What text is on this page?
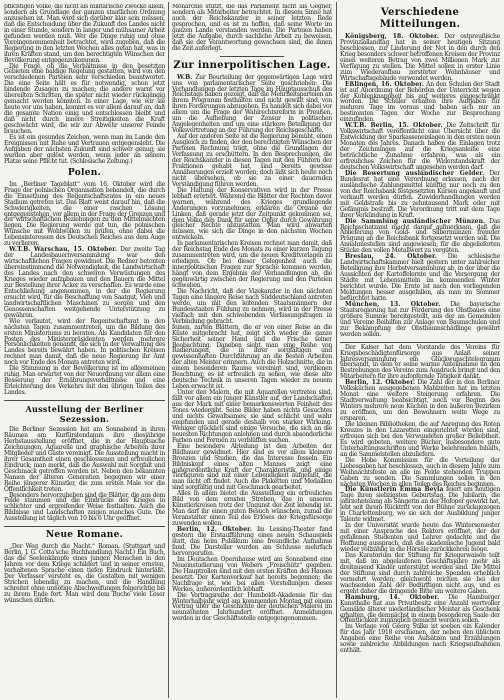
pflichtigen Volke, die nicht als militärische Zwecke allein, sondern als Grundlage der ganzen staatlichen Ordnung anzusehen ist. Man wird sich darüber klar sein müssen, daß die Entscheidung über die Zukunft des Landes nicht in einer Stunde, sondern in langer und mühsamer Arbeit gefunden werden muß. Wer die Dinge ruhig und ohne Voreingenommenheit betrachtet, wird zugeben, daß die Regierung in den letzten Wochen alles getan hat, was in ihren Kräften stand, um den berechtigten Wünschen der Bevölkerung entgegenzukommen.

Die Frage, ob die Verhältnisse in den besetzten Gebieten eine baldige Regelung gestatten, wird von den verschiedenen Parteien sehr verschieden beantwortet. Die eine Seite hält es für notwendig, schon jetzt bindende Zusagen zu machen; die andere warnt vor übereilten Schritten, die später nicht wieder rückgängig gemacht werden könnten. In einer Lage, wie wir sie heute vor uns haben, kommt es vor allem darauf an, daß die gesamte Nation einig und entschlossen bleibt und daß nicht durch innere Streitigkeiten die Kraft geschwächt wird, die wir zur Abwehr unserer Feinde brauchen.

Es ist ein gesundes Zeichen, wenn man im Lande den Ereignissen mit Ruhe und Vertrauen entgegensieht. Die Aufgaben der nächsten Zukunft sind schwer genug; sie werden aber gelöst werden, wenn jeder an seinem Platze seine Pflicht tut. (Schlesische Zeitung.)

Polen.

Im „Berliner Tageblatt“ vom 16. Oktober wird die Frage der polnischen Organisation behandelt, die durch die Einsetzung des Regentschaftsrates in ein neues Stadium getreten ist. Das Blatt weist darauf hin, daß die Schwierigkeiten, die einer raschen Lösung entgegenstehen, vor allem in der Frage der Grenzen und der wirtschaftlichen Beziehungen zu den Mittelmächten liegen. Die Regierung werde gut tun, die polnischen Wünsche mit Wohlwollen zu prüfen, ohne dabei die Lebensinteressen des Deutschen Reiches aus dem Auge zu verlieren.

W.T.B. Warschau, 15. Oktober. Der zweite Tag der Landesbauernversammlung war den wirtschaftlichen Fragen gewidmet. Die Redner betonten übereinstimmend die Notwendigkeit, die Landwirtschaft des Landes nach den schweren Verwüstungen des Krieges wieder aufzubauen und den Bauern die Mittel zur Bestellung ihrer Äcker zu verschaffen. Es wurde eine Entschließung angenommen, in der die Regierung ersucht wird, für die Beschaffung von Saatgut, Vieh und landwirtschaftlichen Maschinen zu sorgen und den Genossenschaften weitgehende Unterstützung zu gewähren.

Wie verlautet, wird der Regentschaftsrat in den nächsten Tagen zusammentreten, um die Bildung des ersten Ministeriums zu beraten. Als Kandidaten für den Posten des Ministerpräsidenten werden mehrere Persönlichkeiten genannt, die sich in der Verwaltung des Landes bereits bewährt haben. In politischen Kreisen rechnet man damit, daß die neue Regierung ihr Amt noch vor Ende des Monats antreten wird.

Die Stimmung in der Bevölkerung ist im allgemeinen ruhig. Man erwartet von der Neuordnung vor allem eine Besserung der Ernährungsverhältnisse und eine Erleichterung des Verkehrs mit den übrigen Teilen des Landes.

Ausstellung der Berliner Sezession.

Die Berliner Sezession hat am Sonnabend in ihren Räumen am Kurfürstendamm ihre diesjährige Herbstausstellung eröffnet, die in der Hauptsache Zeichnungen, Aquarelle und graphische Arbeiten ihrer Mitglieder und Gäste vereinigt. Die Ausstellung macht in ihrer Gesamtheit einen geschlossenen und erfreulichen Eindruck; man merkt, daß die Auswahl mit Sorgfalt und Geschmack getroffen worden ist. Neben den bekannten Namen der älteren Generation begegnen wir einer Reihe jüngerer Künstler, die zum ersten Male vor die Öffentlichkeit treten.

Besonders hervorzuheben sind die Blätter, die aus dem Felde stammen und die Eindrücke des Krieges in schlichter und ergreifender Weise festhalten. Auch die Bildnisse und Landschaften zeigen manches Gute. Die Ausstellung ist täglich von 10 bis 6 Uhr geöffnet.

Neue Romane.

„Der Weg durch die Nacht.“ Roman. (Stuttgart und Berlin, J. G. Cotta'sche Buchhandlung Nachf.) Ein Buch, das die Seelenkämpfe eines jungen Menschen in den Jahren vor dem Kriege schildert und in seiner ernsten, verhaltenen Sprache einen tiefen Eindruck hinterläßt. Der Verfasser versteht es, die Gestalten mit wenigen Strichen lebendig zu machen, und die Handlung schreitet ohne unnötige Abschweifungen folgerichtig bis zu ihrem Ende fort. Man wird dem Buche viele Leser wünschen dürfen.

Monarchie stützt, die das Parlament nicht als Gegner, sondern als Mitarbeiter betrachtet. In diesem Sinne hat auch der Reichskanzler in seiner letzten Rede gesprochen, und es ist zu hoffen, daß seine Worte im ganzen Lande verstanden werden. Die Parteien haben jetzt die Aufgabe, durch sachliche Arbeit zu beweisen, daß sie der Verantwortung gewachsen sind, die ihnen die Zeit auferlegt.

Zur innerpolitischen Lage.

W.B. Zur Beurteilung der gegenwärtigen Lage wird uns von parlamentarischer Seite geschrieben: Die Verhandlungen der letzten Tage im Hauptausschuß des Reichstags haben gezeigt, daß die Mehrheitsparteien an ihrem Programm festhalten und nicht gewillt sind, von ihren Forderungen abzugehen. Es handelt sich dabei vor allem um die Frage der Wahlrechtsreform in Preußen, um die Aufhebung der Zensur in politischen Angelegenheiten und um eine stärkere Beteiligung der Volksvertretung an der Führung der Reichsgeschäfte.

Auf der anderen Seite ist die Regierung bemüht, einen Ausgleich zu finden, der den berechtigten Wünschen der Parteien Rechnung trägt, ohne die Grundlagen der Verfassung zu erschüttern. In den Besprechungen, die der Reichskanzler in diesen Tagen mit den Führern der Fraktionen gehabt hat, sind bereits gewisse Annäherungen erzielt worden; doch läßt sich heute noch nicht übersehen, ob sie zu einer dauernden Verständigung führen werden.

Die Haltung der Konservativen wird in der Presse lebhaft erörtert. Während die Blätter der Rechten davor warnen, während des Krieges grundlegende Änderungen vorzunehmen, erklären die Organe der Linken, daß gerade jetzt der Zeitpunkt gekommen sei, dem Volke den Dank für seine Opfer durch Gewährung gleicher Rechte abzustatten. Man wird abwarten müssen, wie sich die Dinge in den nächsten Wochen entwickeln.

In parlamentarischen Kreisen rechnet man damit, daß der Reichstag Ende des Monats zu einer kurzen Tagung zusammentreten wird, um die neuen Kreditvorlagen zu erledigen. Ob bei dieser Gelegenheit auch die innerpolitischen Fragen zur Sprache kommen werden, hängt von dem Ergebnis der Verhandlungen ab, die gegenwärtig zwischen der Regierung und den Parteien schweben.

Die Nachricht, daß der Vizekanzler in den nächsten Tagen eine längere Reise nach Süddeutschland antreten werde, um mit den leitenden Staatsmännern der Bundesstaaten Fühlung zu nehmen, wird in der Presse vielfach mit den schwebenden Verfassungsfragen in Verbindung gebracht.

feinen, zarten Blättern, die er von einer Reise an die Küste mitgebracht hat, zeigt sich wieder die ganze Sicherheit seiner Hand und die Frische seiner Beobachtung. Daneben sieht man eine Reihe von Radierungen, die in ihrer sorgfältigen und gewissenhaften Durchführung an die besten Arbeiten der alten Meister erinnern. Auch die Holzschnitte, die in einem besonderen Raume vereinigt sind, verdienen Beachtung; es ist erfreulich zu sehen, wie diese alte deutsche Technik in unseren Tagen wieder zu neuem Leben erwacht ist.

Unter den Malern, die mit Aquarellen vertreten sind, fällt vor allem ein junger Künstler auf, der Landschaften aus der Mark mit einer bemerkenswerten Feinheit des Tones wiedergibt. Seine Bilder haben nichts Gesuchtes und nichts Gewaltsames; sie sind schlicht und wahr empfunden und gerade deshalb von starker Wirkung. Weniger glücklich sind einige Versuche, die sich an die neuesten Richtungen anlehnen und durch absonderliche Farben und Formen zu verblüffen suchen.

Eine besondere Abteilung ist den Arbeiten der Bildhauer gewidmet. Hier sind es vor allem kleinere Bronzen und Studien, die das Interesse fesseln. Ein Bildniskopf eines alten Mannes zeigt eine außerordentliche Kraft der Charakteristik, und einige Tierfiguren sind mit einer Lebendigkeit aufgefaßt, die man nicht oft findet. Auch die Plaketten und Medaillen sind sorgfältig und mit Geschmack gearbeitet.

Alles in allem bietet die Ausstellung ein erfreuliches Bild von dem ernsten Streben, das in unseren Künstlerkreisen trotz der Ungunst der Zeit lebendig ist. Man darf ihr einen guten Besuch wünschen, zumal die Veranstalter einen Teil des Erlöses der Kriegsfürsorge zuwenden wollen.

Berlin, 12. Oktober. Im Lessing-Theater fand gestern die Erstaufführung eines neuen Schauspiels statt, das beim Publikum eine freundliche Aufnahme fand. Die Darsteller wurden am Schlusse mehrfach hervorgerufen.

Im Deutschen Opernhause wird am Sonnabend eine Neueinstudierung von Webers „Freischütz“ gegeben. Die Hauptrollen sind mit den ersten Kräften des Hauses besetzt. Der Kartenverkauf hat bereits begonnen; die Nachfrage ist, wie bei allen Vorstellungen dieses Werkes, außerordentlich lebhaft.

Die Vortragsreihe der Humboldt-Akademie für das Winterhalbjahr wird am kommenden Montag mit einem Vortrag über die Geschichte der deutschen Malerei im neunzehnten Jahrhundert eröffnet. Anmeldungen werden in der Geschäftsstelle entgegengenommen.

Verschiedene Mitteilungen.

Königsberg, 18. Oktober. Der ostpreußische Provinziallandtag hat in seiner heutigen Sitzung beschlossen, zur Linderung der Not in den durch den Krieg besonders schwer betroffenen Kreisen der Provinz einen weiteren Betrag von zwei Millionen Mark zur Verfügung zu stellen. Die Mittel sollen in erster Linie zum Wiederaufbau zerstörter Wohnhäuser und Wirtschaftsgebäude verwendet werden.

Eßlingen, 16. Oktober. An den Schulen der Stadt ist auf Anordnung der Behörden der Unterricht wegen der Kohlenknappheit bis auf weiteres eingeschränkt worden. Die Schüler erhalten ihre Aufgaben für mehrere Tage im voraus und haben sich nur an bestimmten Tagen der Woche zur Besprechung einzufinden.

W.T.B. Berlin, 15. Oktober. Die Zeitschrift für Volkswirtschaft veröffentlicht eine Übersicht über die Entwicklung der Sparkasseneinlagen in den ersten neun Monaten des Jahres. Danach haben die Einlagen trotz der Zeichnungen auf die Kriegsanleihe eine beträchtliche Zunahme erfahren, was als ein erfreuliches Zeichen für die Widerstandskraft der deutschen Volkswirtschaft angesehen werden darf.

Die Bewertung ausländischer Gelder. Der Bundesrat hat eine Verordnung erlassen, nach der ausländische Zahlungsmittel künftig nur noch zu den von der Reichsbank festgesetzten Kursen angekauft und verkauft werden dürfen. Zuwiderhandlungen werden mit Geldstrafe bis zu zehntausend Mark oder mit Gefängnis bestraft. Die Verordnung tritt mit dem Tage ihrer Verkündung in Kraft.

Die Sammlung ausländischer Münzen. Das Reichsschatzamt macht darauf aufmerksam, daß die Ablieferung von Gold- und Silbermünzen fremder Prägung an die Reichsbank fortgesetzt werden soll. Die Annahmestellen sind angewiesen, für die abgelieferten Stücke den vollen Metallwert zu vergüten.

Breslau, 24. Oktober. Die schlesische Landwirtschaftskammer hielt gestern unter zahlreicher Beteiligung ihre Herbstversammlung ab, in der über die Aussichten der Kartoffelernte und die Versorgung der Städte mit Lebensmitteln im kommenden Winter berichtet wurde. Die Ernte ist nach den vorliegenden Meldungen besser ausgefallen, als man im Sommer befürchtet hatte.

München, 13. Oktober. Die bayerische Staatsregierung hat zur Förderung des Obstbaues eine größere Summe bereitgestellt, aus der an Gemeinden und Vereine Beihilfen zur Anlage von Baumschulen und zur Bekämpfung der Obstbaumschädlinge gewährt werden sollen.

Der Kaiser hat dem Vorstande des Vereins für Kriegsbeschädigtenfürsorge aus Anlaß seiner Jahresversammlung ein Glückwunschtelegramm übersandt, in dem er seine warme Anteilnahme an den Bestrebungen des Vereins zum Ausdruck bringt und den Mitarbeitern für ihre aufopfernde Tätigkeit dankt.

Berlin, 12. Oktober. Die Zahl der in den Berliner Volksküchen ausgegebenen Mahlzeiten hat im letzten Monat eine weitere Steigerung erfahren. Die Stadtverwaltung beabsichtigt, noch vor Beginn des Winters mehrere neue Küchen in den äußeren Bezirken zu eröffnen, um den Bewohnern weite Wege zu ersparen.

Die kleinen Bibliotheken, die auf Anregung des Roten Kreuzes in den Lazaretten eingerichtet worden sind, erfreuen sich bei den Verwundeten großer Beliebtheit. Es wird gebeten, weitere Bücher, insbesondere gute Unterhaltungsschriften und Werke belehrenden Inhalts, an die Sammelstellen abzuliefern.

Die Hohe Kommission für die Verteilung der Liebesgaben hat beschlossen, auch in diesem Jahre zum Weihnachtsfeste an alle im Felde stehenden Truppen Gaben zu senden. Die Sammlungen sollen in den nächsten Wochen in allen Teilen des Reiches beginnen.

Die Künstlerin Emma Beyla feiert am heutigen Tage ihren siebzigsten Geburtstag. Die Jubilarin, die jahrzehntelang als Sängerin an der Hofoper gewirkt hat, lebt seit ihrem Rücktritt von der Bühne zurückgezogen in Charlottenburg, wo sie sich der Ausbildung junger Talente widmet.

In der Universität wurde heute das Wintersemester mit einer Ansprache des Rektors eröffnet, der der gefallenen Studenten und Lehrer gedachte und die Hoffnung aussprach, daß die akademische Jugend bald wieder vollzählig in die Hörsäle zurückkehren möge.

Das Kuratorium der Stiftung für Kriegerwaisen teilt mit, daß im abgelaufenen Geschäftsjahre mehr als dreitausend Kinder unterstützt worden sind. Die Mittel der Stiftung sind durch zahlreiche Spenden erheblich vermehrt worden; gleichwohl reichen sie bei der wachsenden Zahl der Bedürftigen nicht aus, und es ergeht daher die dringende Bitte um weitere Gaben.

Hamburg, 14. Oktober. Die Hamburger Kunsthalle hat aus Privatbesitz eine Anzahl wertvoller Gemälde älterer niederländischer Meister als Geschenk erhalten, die demnächst in einem besonderen Saale der Öffentlichkeit zugänglich gemacht werden sollen.

Im Verlage von Georg Stilke ist soeben ein Kalender für das Jahr 1918 erschienen, der neben den üblichen Angaben eine Reihe von Aufsätzen und Erzählungen sowie zahlreiche Abbildungen nach Kriegsaufnahmen enthält.
